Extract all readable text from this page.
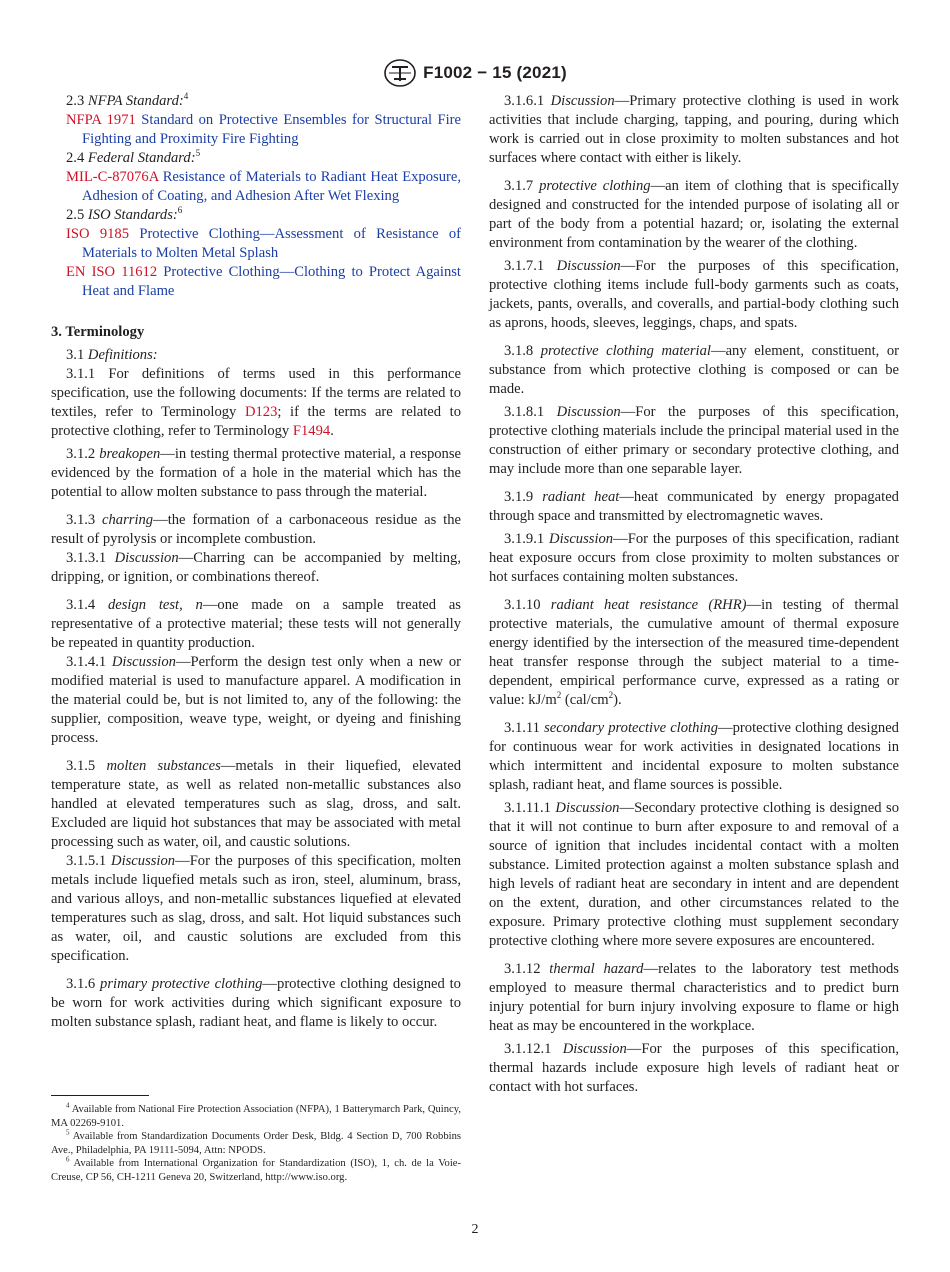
F1002 − 15 (2021)

2.3 NFPA Standard:$^4$

NFPA 1971 Standard on Protective Ensembles for Structural Fire Fighting and Proximity Fire Fighting

2.4 Federal Standard:$^5$

MIL-C-87076A Resistance of Materials to Radiant Heat Exposure, Adhesion of Coating, and Adhesion After Wet Flexing

2.5 ISO Standards:$^6$

ISO 9185 Protective Clothing—Assessment of Resistance of Materials to Molten Metal Splash

EN ISO 11612 Protective Clothing—Clothing to Protect Against Heat and Flame

3. Terminology

3.1 Definitions:

3.1.1 For definitions of terms used in this performance specification, use the following documents: If the terms are related to textiles, refer to Terminology D123; if the terms are related to protective clothing, refer to Terminology F1494.

3.1.2 breakopen—in testing thermal protective material, a response evidenced by the formation of a hole in the material which has the potential to allow molten substance to pass through the material.

3.1.3 charring—the formation of a carbonaceous residue as the result of pyrolysis or incomplete combustion.

3.1.3.1 Discussion—Charring can be accompanied by melting, dripping, or ignition, or combinations thereof.

3.1.4 design test, n—one made on a sample treated as representative of a protective material; these tests will not generally be repeated in quantity production.

3.1.4.1 Discussion—Perform the design test only when a new or modified material is used to manufacture apparel. A modification in the material could be, but is not limited to, any of the following: the supplier, composition, weave type, weight, or dyeing and finishing process.

3.1.5 molten substances—metals in their liquefied, elevated temperature state, as well as related non-metallic substances also handled at elevated temperatures such as slag, dross, and salt. Excluded are liquid hot substances that may be associated with metal processing such as water, oil, and caustic solutions.

3.1.5.1 Discussion—For the purposes of this specification, molten metals include liquefied metals such as iron, steel, aluminum, brass, and various alloys, and non-metallic substances liquefied at elevated temperatures such as slag, dross, and salt. Hot liquid substances such as water, oil, and caustic solutions are excluded from this specification.

3.1.6 primary protective clothing—protective clothing designed to be worn for work activities during which significant exposure to molten substance splash, radiant heat, and flame is likely to occur.

3.1.6.1 Discussion—Primary protective clothing is used in work activities that include charging, tapping, and pouring, during which work is carried out in close proximity to molten substances and hot surfaces where contact with either is likely.

3.1.7 protective clothing—an item of clothing that is specifically designed and constructed for the intended purpose of isolating all or part of the body from a potential hazard; or, isolating the external environment from contamination by the wearer of the clothing.

3.1.7.1 Discussion—For the purposes of this specification, protective clothing items include full-body garments such as coats, jackets, pants, overalls, and coveralls, and partial-body clothing such as aprons, hoods, sleeves, leggings, chaps, and spats.

3.1.8 protective clothing material—any element, constituent, or substance from which protective clothing is composed or can be made.

3.1.8.1 Discussion—For the purposes of this specification, protective clothing materials include the principal material used in the construction of either primary or secondary protective clothing, and may include more than one separable layer.

3.1.9 radiant heat—heat communicated by energy propagated through space and transmitted by electromagnetic waves.

3.1.9.1 Discussion—For the purposes of this specification, radiant heat exposure occurs from close proximity to molten substances or hot surfaces containing molten substances.

3.1.10 radiant heat resistance (RHR)—in testing of thermal protective materials, the cumulative amount of thermal exposure energy identified by the intersection of the measured time-dependent heat transfer response through the subject material to a time-dependent, empirical performance curve, expressed as a rating or value: $kJ/m^2$ $(cal/cm^2)$.

3.1.11 secondary protective clothing—protective clothing designed for continuous wear for work activities in designated locations in which intermittent and incidental exposure to molten substance splash, radiant heat, and flame sources is possible.

3.1.11.1 Discussion—Secondary protective clothing is designed so that it will not continue to burn after exposure to and removal of a source of ignition that includes incidental contact with a molten substance. Limited protection against a molten substance splash and high levels of radiant heat are secondary in intent and are dependent on the extent, duration, and other circumstances related to the exposure. Primary protective clothing must supplement secondary protective clothing where more severe exposures are encountered.

3.1.12 thermal hazard—relates to the laboratory test methods employed to measure thermal characteristics and to predict burn injury potential for burn injury involving exposure to flame or high heat as may be encountered in the workplace.

3.1.12.1 Discussion—For the purposes of this specification, thermal hazards include exposure high levels of radiant heat or contact with hot surfaces.

$^4$ Available from National Fire Protection Association (NFPA), 1 Batterymarch Park, Quincy, MA 02269-9101.

$^5$ Available from Standardization Documents Order Desk, Bldg. 4 Section D, 700 Robbins Ave., Philadelphia, PA 19111-5094, Attn: NPODS.

$^6$ Available from International Organization for Standardization (ISO), 1, ch. de la Voie-Creuse, CP 56, CH-1211 Geneva 20, Switzerland, http://www.iso.org.

2
